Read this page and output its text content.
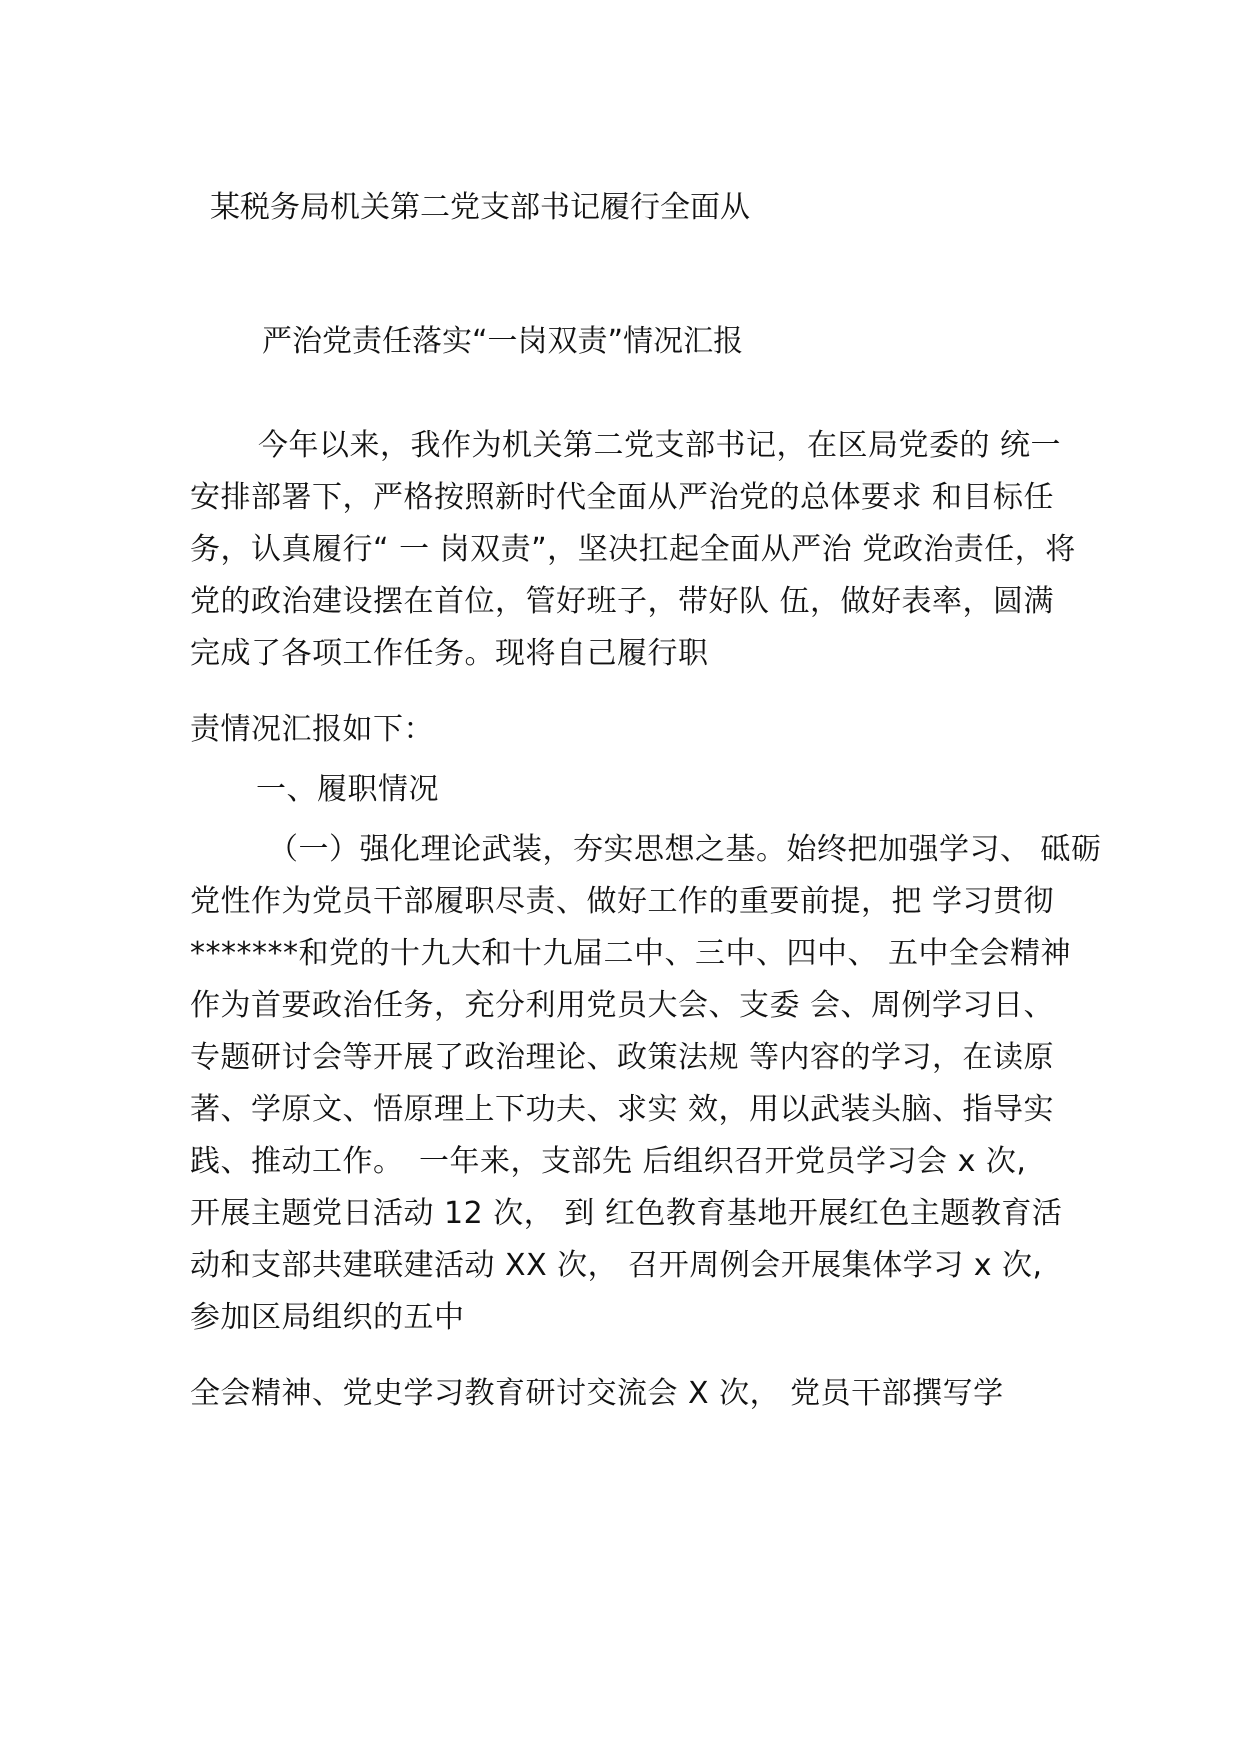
某税务局机关第二党支部书记履行全面从
严治党责任落实“一岗双责”情况汇报
今年以来，我作为机关第二党支部书记，在区局党委的 统一
安排部署下，严格按照新时代全面从严治党的总体要求 和目标任
务，认真履行“ 一 岗双责”，坚决扛起全面从严治 党政治责任，将
党的政治建设摆在首位，管好班子，带好队 伍，做好表率，圆满
完成了各项工作任务。现将自己履行职
责情况汇报如下：
一、履职情况
（一）强化理论武装，夯实思想之基。始终把加强学习、 砥砺
党性作为党员干部履职尽责、做好工作的重要前提，把 学习贯彻
*******和党的十九大和十九届二中、三中、四中、 五中全会精神
作为首要政治任务，充分利用党员大会、支委 会、周例学习日、
专题研讨会等开展了政治理论、政策法规 等内容的学习，在读原
著、学原文、悟原理上下功夫、求实 效，用以武装头脑、指导实
践、推动工作。　一年来，支部先 后组织召开党员学习会 x 次,
开展主题党日活动 12 次， 到 红色教育基地开展红色主题教育活
动和支部共建联建活动 XX 次， 召开周例会开展集体学习 x 次,
参加区局组织的五中
全会精神、党史学习教育研讨交流会 X 次， 党员干部撰写学
